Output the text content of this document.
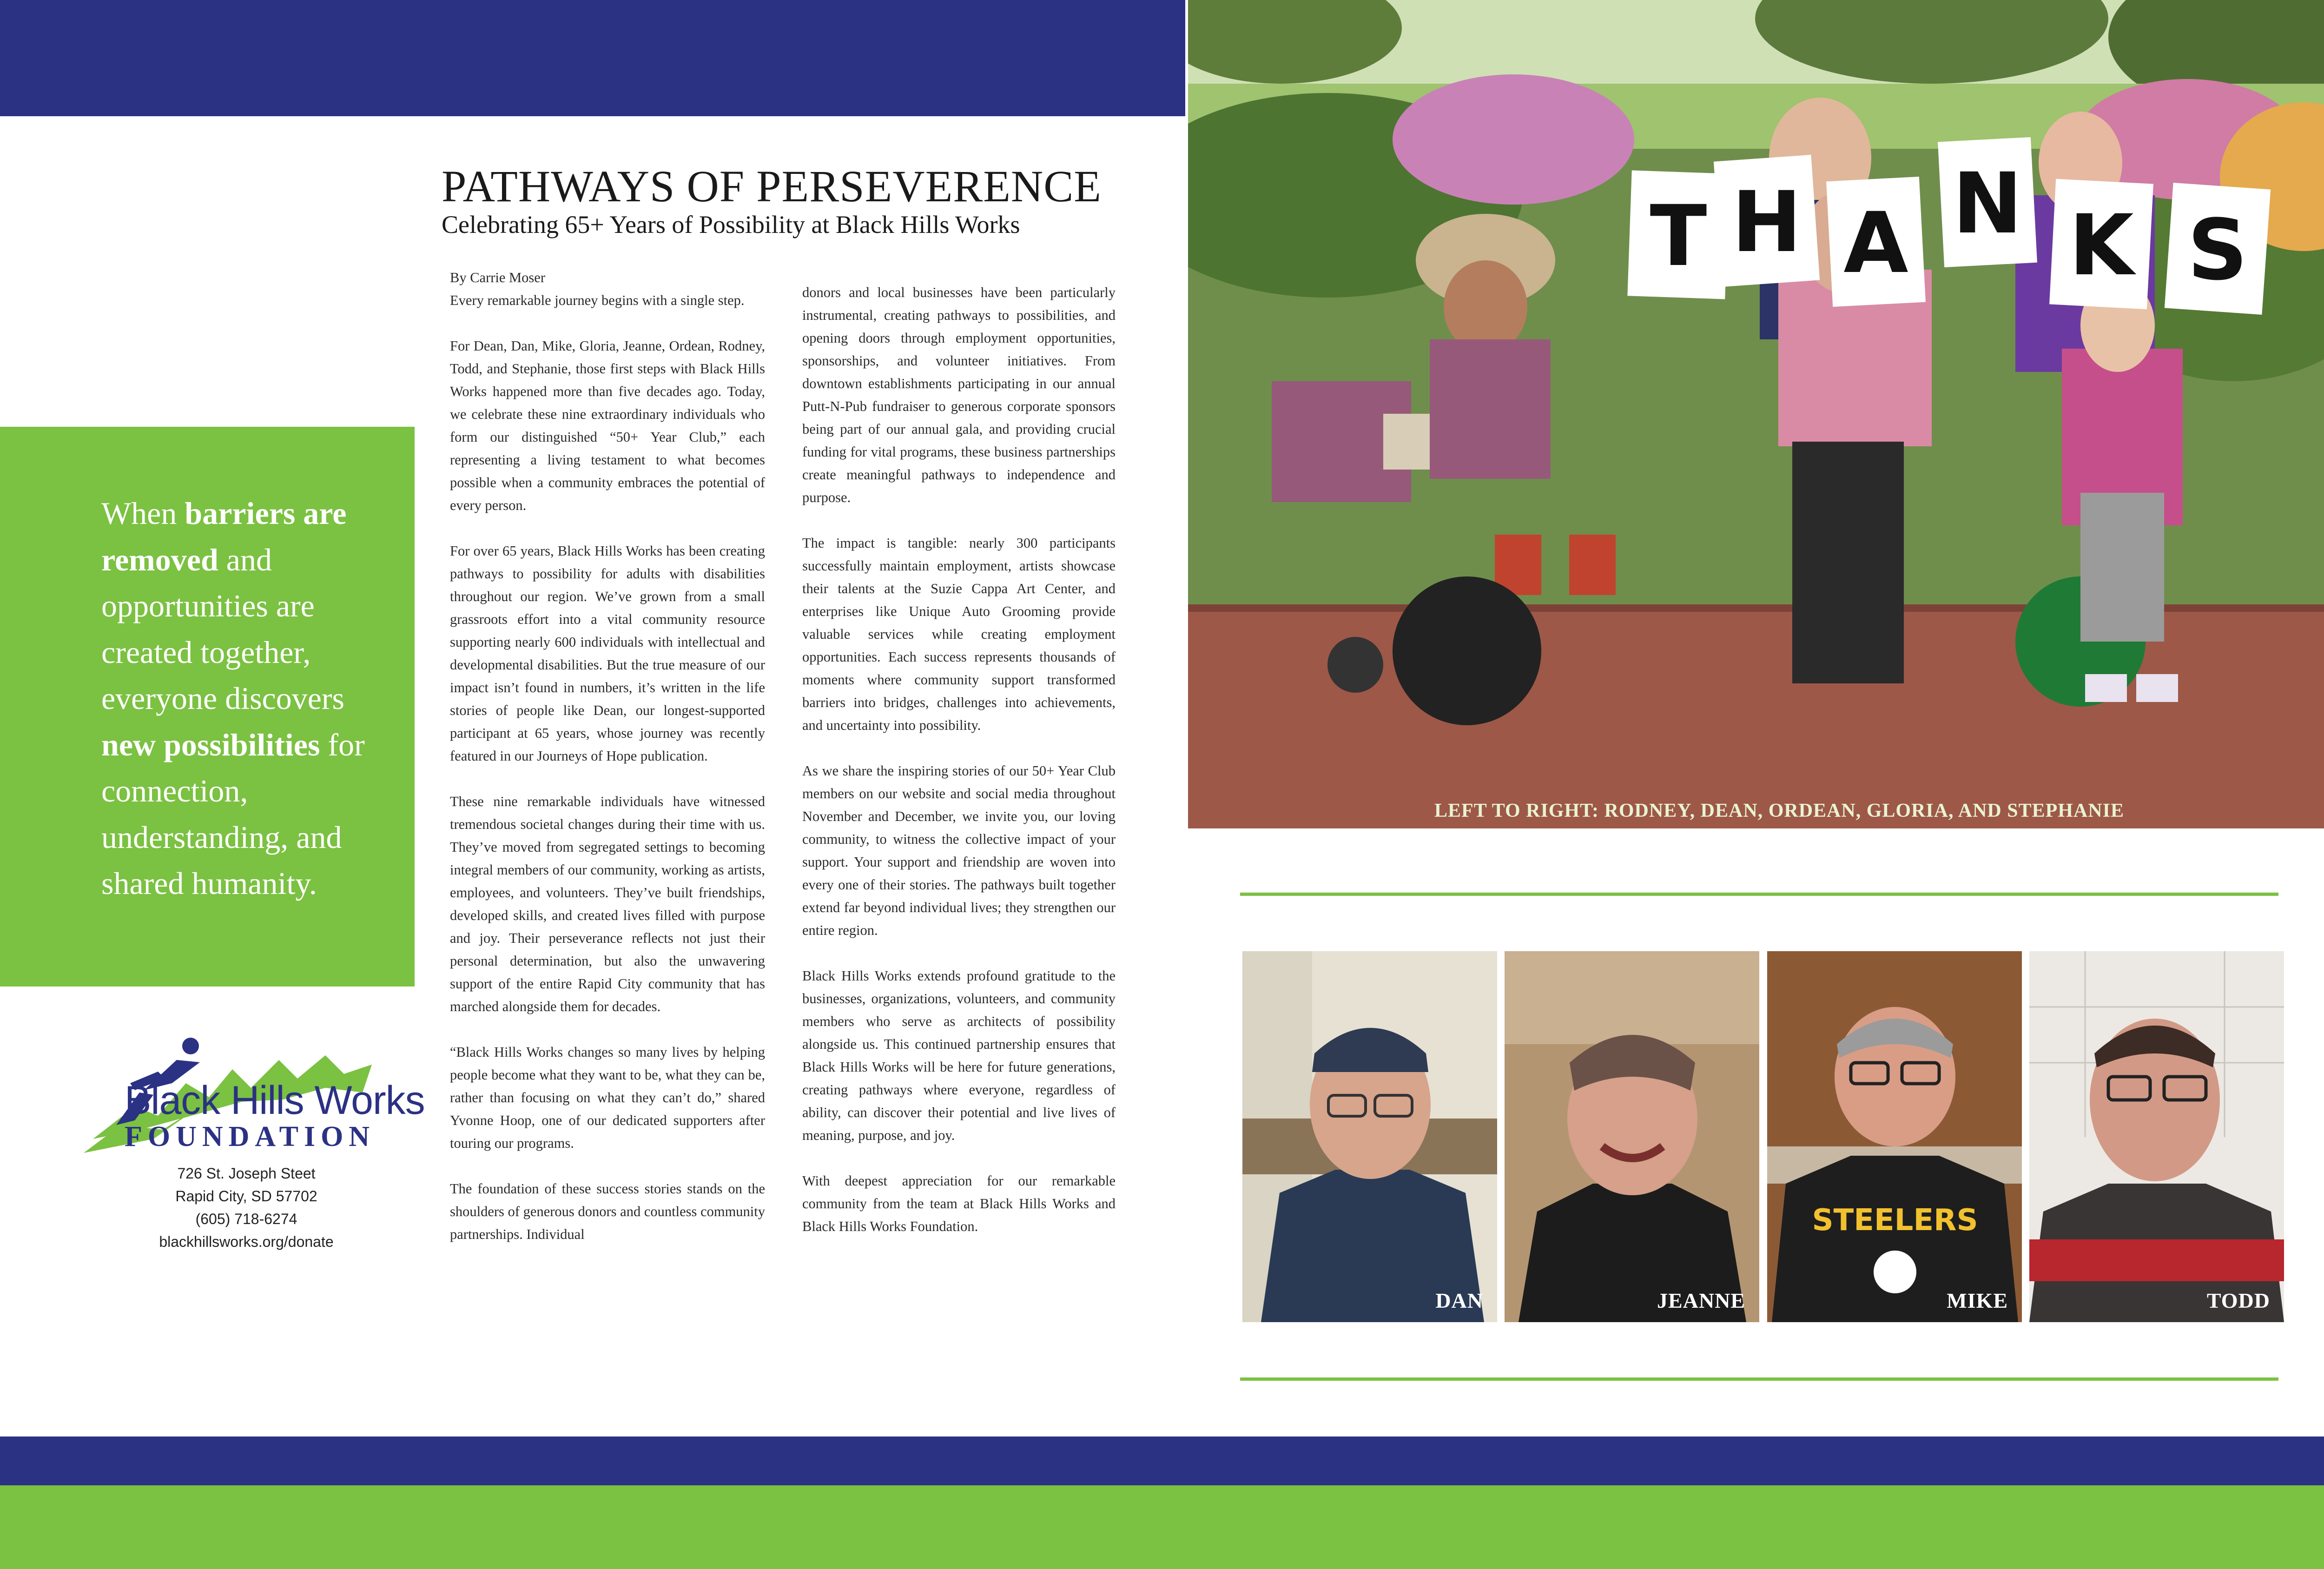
PATHWAYS OF PERSEVERENCE
Celebrating 65+ Years of Possibility at Black Hills Works

By Carrie Moser

Every remarkable journey begins with a single step.

For Dean, Dan, Mike, Gloria, Jeanne, Ordean, Rodney, Todd, and Stephanie, those first steps with Black Hills Works happened more than five decades ago. Today, we celebrate these nine extraordinary individuals who form our distinguished “50+ Year Club,” each representing a living testament to what becomes possible when a community embraces the potential of every person.

For over 65 years, Black Hills Works has been creating pathways to possibility for adults with disabilities throughout our region. We’ve grown from a small grassroots effort into a vital community resource supporting nearly 600 individuals with intellectual and developmental disabilities. But the true measure of our impact isn’t found in numbers, it’s written in the life stories of people like Dean, our longest-supported participant at 65 years, whose journey was recently featured in our Journeys of Hope publication.

These nine remarkable individuals have witnessed tremendous societal changes during their time with us. They’ve moved from segregated settings to becoming integral members of our community, working as artists, employees, and volunteers. They’ve built friendships, developed skills, and created lives filled with purpose and joy. Their perseverance reflects not just their personal determination, but also the unwavering support of the entire Rapid City community that has marched alongside them for decades.

“Black Hills Works changes so many lives by helping people become what they want to be, what they can be, rather than focusing on what they can’t do,” shared Yvonne Hoop, one of our dedicated supporters after touring our programs.

The foundation of these success stories stands on the shoulders of generous donors and countless community partnerships. Individual

donors and local businesses have been particularly instrumental, creating pathways to possibilities, and opening doors through employment opportunities, sponsorships, and volunteer initiatives. From downtown establishments participating in our annual Putt-N-Pub fundraiser to generous corporate sponsors being part of our annual gala, and providing crucial funding for vital programs, these business partnerships create meaningful pathways to independence and purpose.

The impact is tangible: nearly 300 participants successfully maintain employment, artists showcase their talents at the Suzie Cappa Art Center, and enterprises like Unique Auto Grooming provide valuable services while creating employment opportunities. Each success represents thousands of moments where community support transformed barriers into bridges, challenges into achievements, and uncertainty into possibility.

As we share the inspiring stories of our 50+ Year Club members on our website and social media throughout November and December, we invite you, our loving community, to witness the collective impact of your support. Your support and friendship are woven into every one of their stories. The pathways built together extend far beyond individual lives; they strengthen our entire region.

Black Hills Works extends profound gratitude to the businesses, organizations, volunteers, and community members who serve as architects of possibility alongside us. This continued partnership ensures that Black Hills Works will be here for future generations, creating pathways where everyone, regardless of ability, can discover their potential and live lives of meaning, purpose, and joy.

With deepest appreciation for our remarkable community from the team at Black Hills Works and Black Hills Works Foundation.

When barriers are removed and opportunities are created together, everyone discovers new possibilities for connection, understanding, and shared humanity.

Black Hills Works
FOUNDATION
726 St. Joseph Steet
Rapid City, SD 57702
(605) 718-6274
blackhillsworks.org/donate
T H A N K S
LEFT TO RIGHT: RODNEY, DEAN, ORDEAN, GLORIA, AND STEPHANIE
DAN	JEANNE
STEELERS
MIKE	TODD
